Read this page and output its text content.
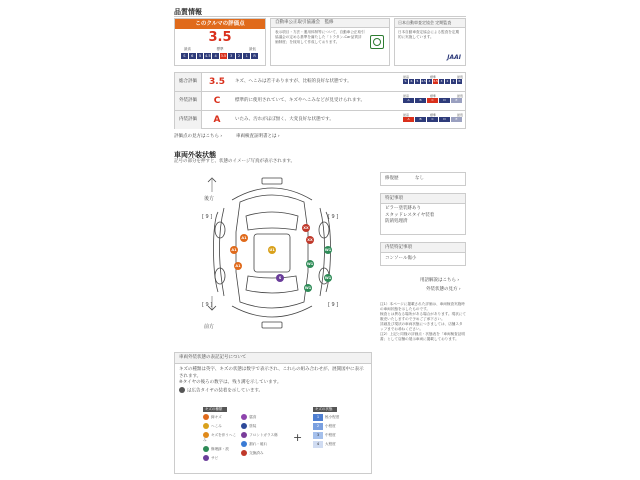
品質情報
このクルマの評価点
3.5
最高	標準	最低
S	6	5	4.5	4	3.5	3	2	1	R
自動車公正取引協議会　監修
表示項目・方法・運用体制等について、自動車公正取引協議会の定める基準を満たした「トラタン-Car品質評価制度」を採用して作成しております。
日本自動車査定協会 定期監査
日本自動車査定協会による監査を定期的に実施しています。
JAAI
総合評価	3.5	キズ、へこみは若干ありますが、比較的良好な状態です。
最高	標準	最低
S	6	5 4.5 4 3.5 3	2	1	R
外装評価	C	標準的に使用されていて、キズやへこみなどが見受けられます。
最高	標準	最低
A	B	C	D	E
内装評価	A	いたみ、汚れがほぼ無く、大変良好な状態です。
最高	標準	最低
A	B	C	D	E
評価点の見方はこちら ›	車両検査証明書とは ›
車両外装状態
記号の部分を押すと、状態のイメージ写真が表示されます。
後方
前方
[ 9 ]	[ 9 ]
[ 9 ]	[ 9 ]
U1
A1
A1
XX
XX
W1
W1
W1
W1
S
A1
修復歴	なし
特記事項
ピラー塗装跡あり
スタッドレスタイヤ装着
防錆処理済
内装特記事項
コンソール傷小
用語解説はこちら ›
外装状態の見方 ›
注1）本ページに掲載された評価は、車両検査実施時の車両状態を示したものです。
検査とは異なる場所がある場合があります。現状にて販売いたしますので予めご了承下さい。
詳細及び現状の車両状態につきましては、店舗スタッフまでお尋ねください。
注2）上記と同様の評価点・状態表を「車両検査証明書」として店舗の展示車両に掲載しております。
車両外装状態の表記記号について
キズの種類は英字、キズの状態は数字で表示され、これらの組み合わせが、展開図中に表示されます。
※タイヤの後ろの数字は、残り溝を示しています。
は広告タイヤの装着を示しています。
キズの種類
線キズ
へこみ
キズを伴うへこみ
修理跡・波
サビ
腐食
塗装
フロントガラス傷
割れ・破れ
交換済み
+
キズの状態
1	極小程度
2	小程度
3	中程度
4	大程度
